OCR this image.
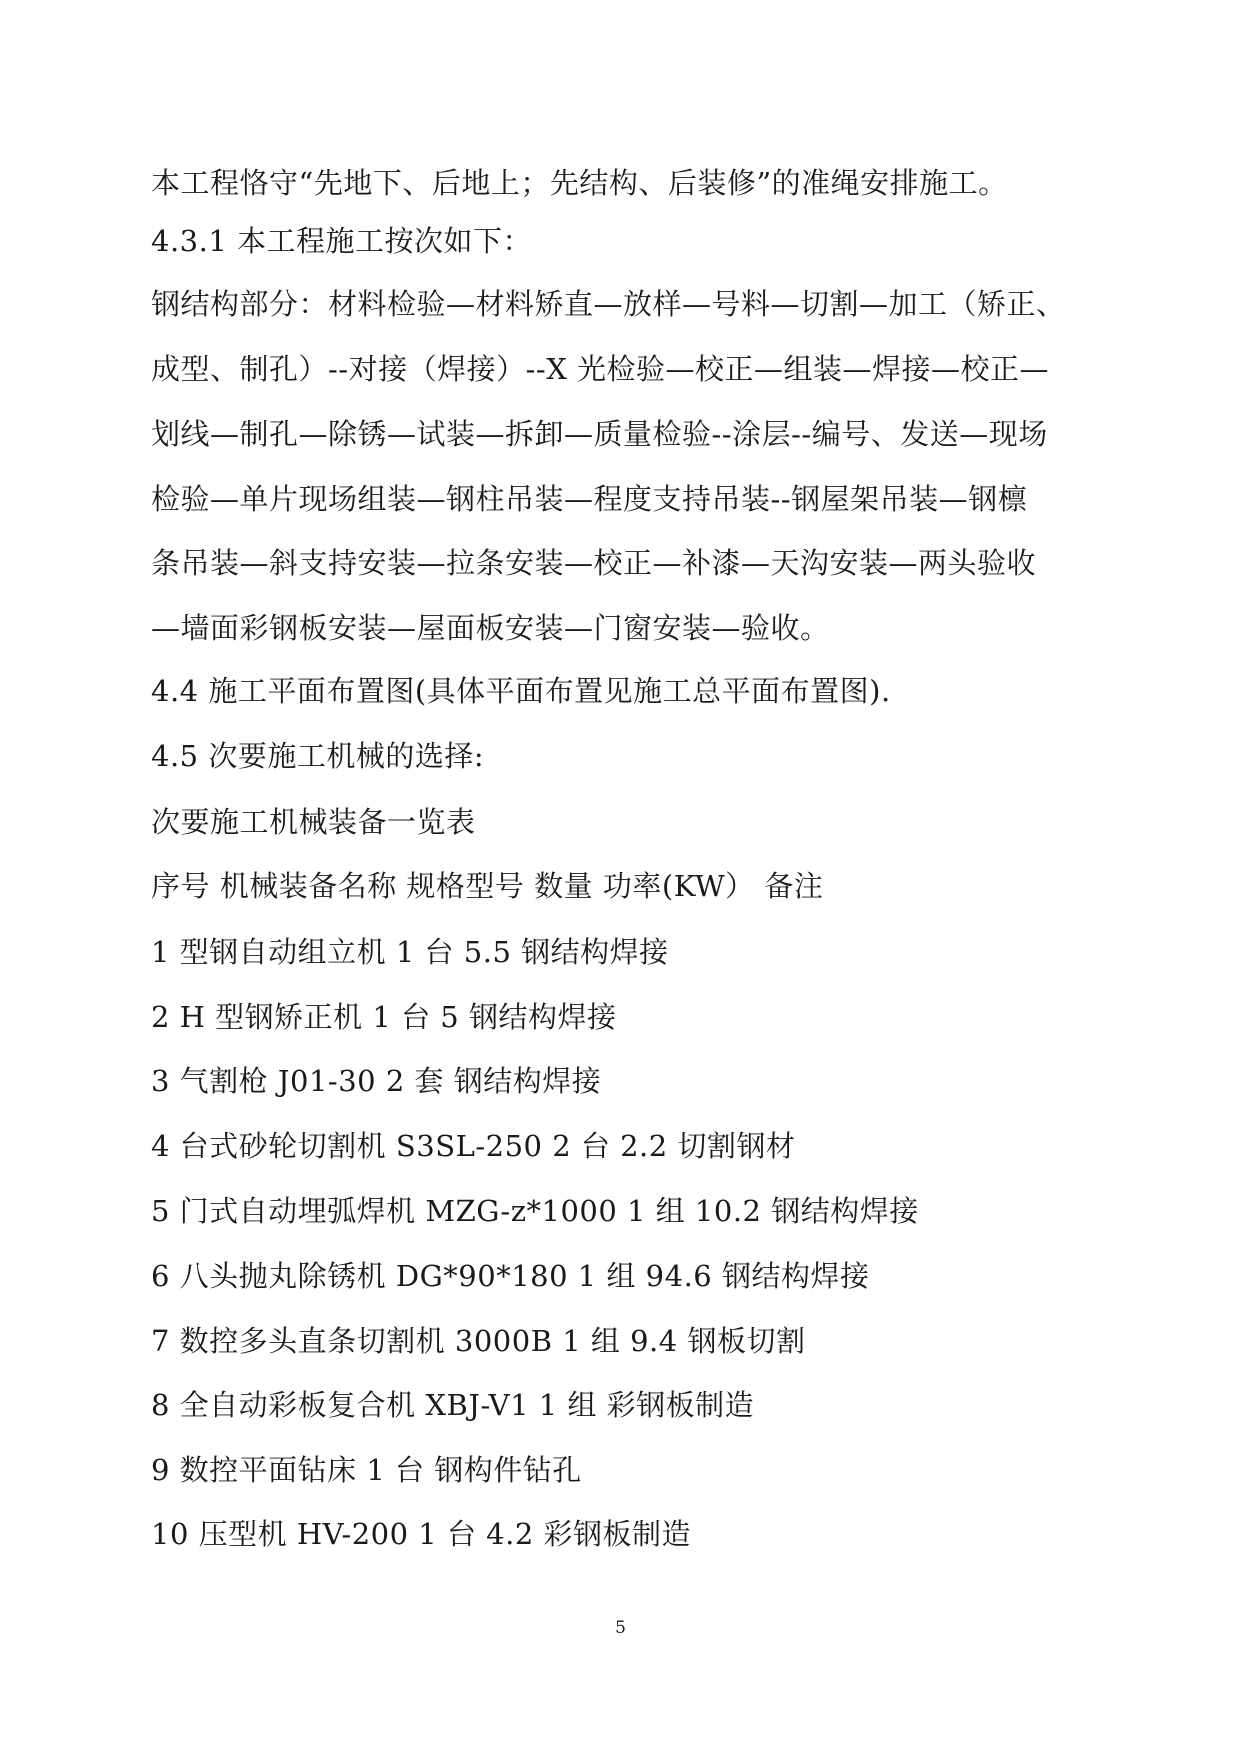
本工程恪守“先地下、后地上；先结构、后装修”的准绳安排施工。
4.3.1 本工程施工按次如下：
钢结构部分：材料检验—材料矫直—放样—号料—切割—加工（矫正、
成型、制孔）--对接（焊接）--X 光检验—校正—组装—焊接—校正—
划线—制孔—除锈—试装—拆卸—质量检验--涂层--编号、发送—现场
检验—单片现场组装—钢柱吊装—程度支持吊装--钢屋架吊装—钢檩
条吊装—斜支持安装—拉条安装—校正—补漆—天沟安装—两头验收
—墙面彩钢板安装—屋面板安装—门窗安装—验收。
4.4 施工平面布置图(具体平面布置见施工总平面布置图).
4.5 次要施工机械的选择:
次要施工机械装备一览表
序号 机械装备名称 规格型号 数量 功率(KW） 备注
1 型钢自动组立机 1 台 5.5 钢结构焊接
2 H 型钢矫正机 1 台 5 钢结构焊接
3 气割枪 J01-30 2 套 钢结构焊接
4 台式砂轮切割机 S3SL-250 2 台 2.2 切割钢材
5 门式自动埋弧焊机 MZG-z*1000 1 组 10.2 钢结构焊接
6 八头抛丸除锈机 DG*90*180 1 组 94.6 钢结构焊接
7 数控多头直条切割机 3000B 1 组 9.4 钢板切割
8 全自动彩板复合机 XBJ-V1 1 组 彩钢板制造
9 数控平面钻床 1 台 钢构件钻孔
10 压型机 HV-200 1 台 4.2 彩钢板制造
5
